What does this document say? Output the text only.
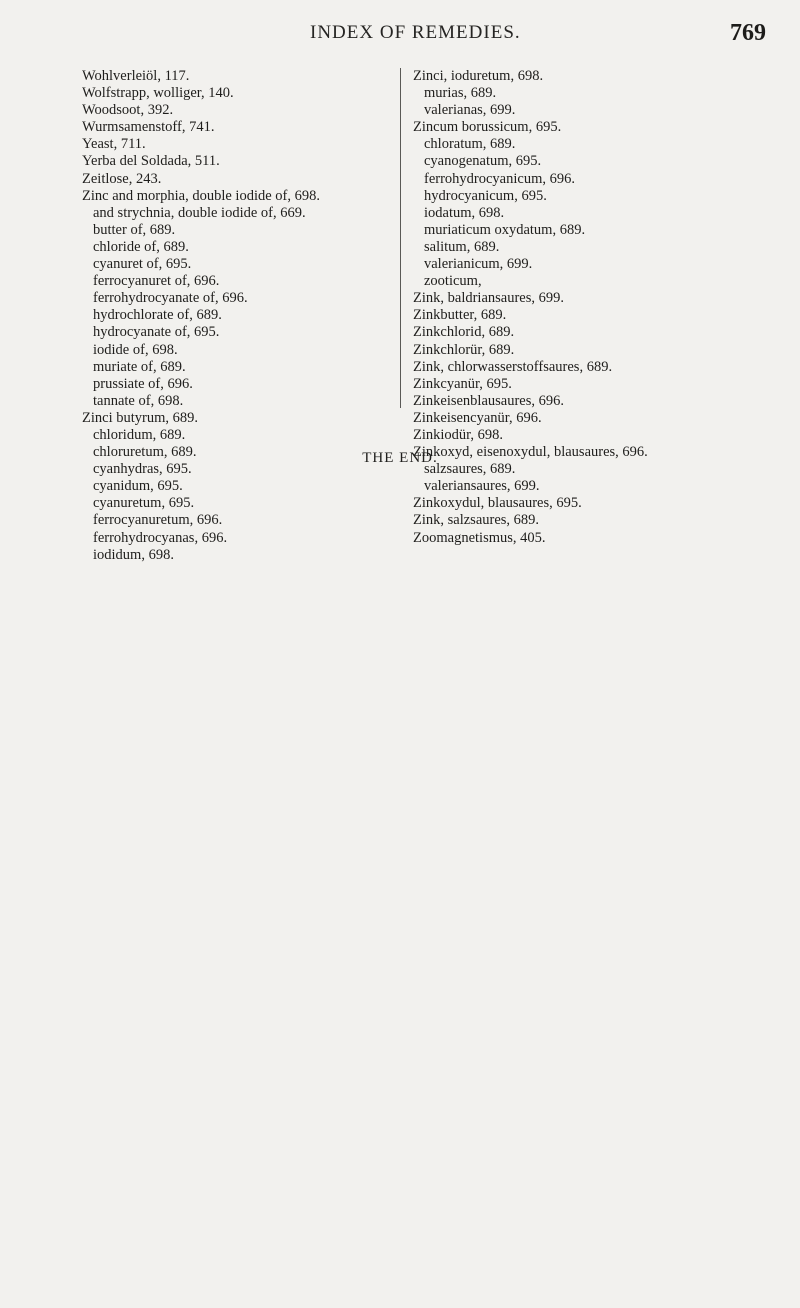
INDEX OF REMEDIES.	769
Wohlverleiöl, 117.
Wolfstrapp, wolliger, 140.
Woodsoot, 392.
Wurmsamenstoff, 741.
Yeast, 711.
Yerba del Soldada, 511.
Zeitlose, 243.
Zinc and morphia, double iodide of, 698.
and strychnia, double iodide of, 669.
butter of, 689.
chloride of, 689.
cyanuret of, 695.
ferrocyanuret of, 696.
ferrohydrocyanate of, 696.
hydrochlorate of, 689.
hydrocyanate of, 695.
iodide of, 698.
muriate of, 689.
prussiate of, 696.
tannate of, 698.
Zinci butyrum, 689.
chloridum, 689.
chloruretum, 689.
cyanhydras, 695.
cyanidum, 695.
cyanuretum, 695.
ferrocyanuretum, 696.
ferrohydrocyanas, 696.
iodidum, 698.
Zinci, ioduretum, 698.
murias, 689.
valerianas, 699.
Zincum borussicum, 695.
chloratum, 689.
cyanogenatum, 695.
ferrohydrocyanicum, 696.
hydrocyanicum, 695.
iodatum, 698.
muriaticum oxydatum, 689.
salitum, 689.
valerianicum, 699.
zooticum,
Zink, baldriansaures, 699.
Zinkbutter, 689.
Zinkchlorid, 689.
Zinkchlorür, 689.
Zink, chlorwasserstoffsaures, 689.
Zinkcyanür, 695.
Zinkeisenblausaures, 696.
Zinkeisencyanür, 696.
Zinkiodür, 698.
Zinkoxyd, eisenoxydul, blausaures, 696.
salzsaures, 689.
valeriansaures, 699.
Zinkoxydul, blausaures, 695.
Zink, salzsaures, 689.
Zoomagnetismus, 405.
THE END.
